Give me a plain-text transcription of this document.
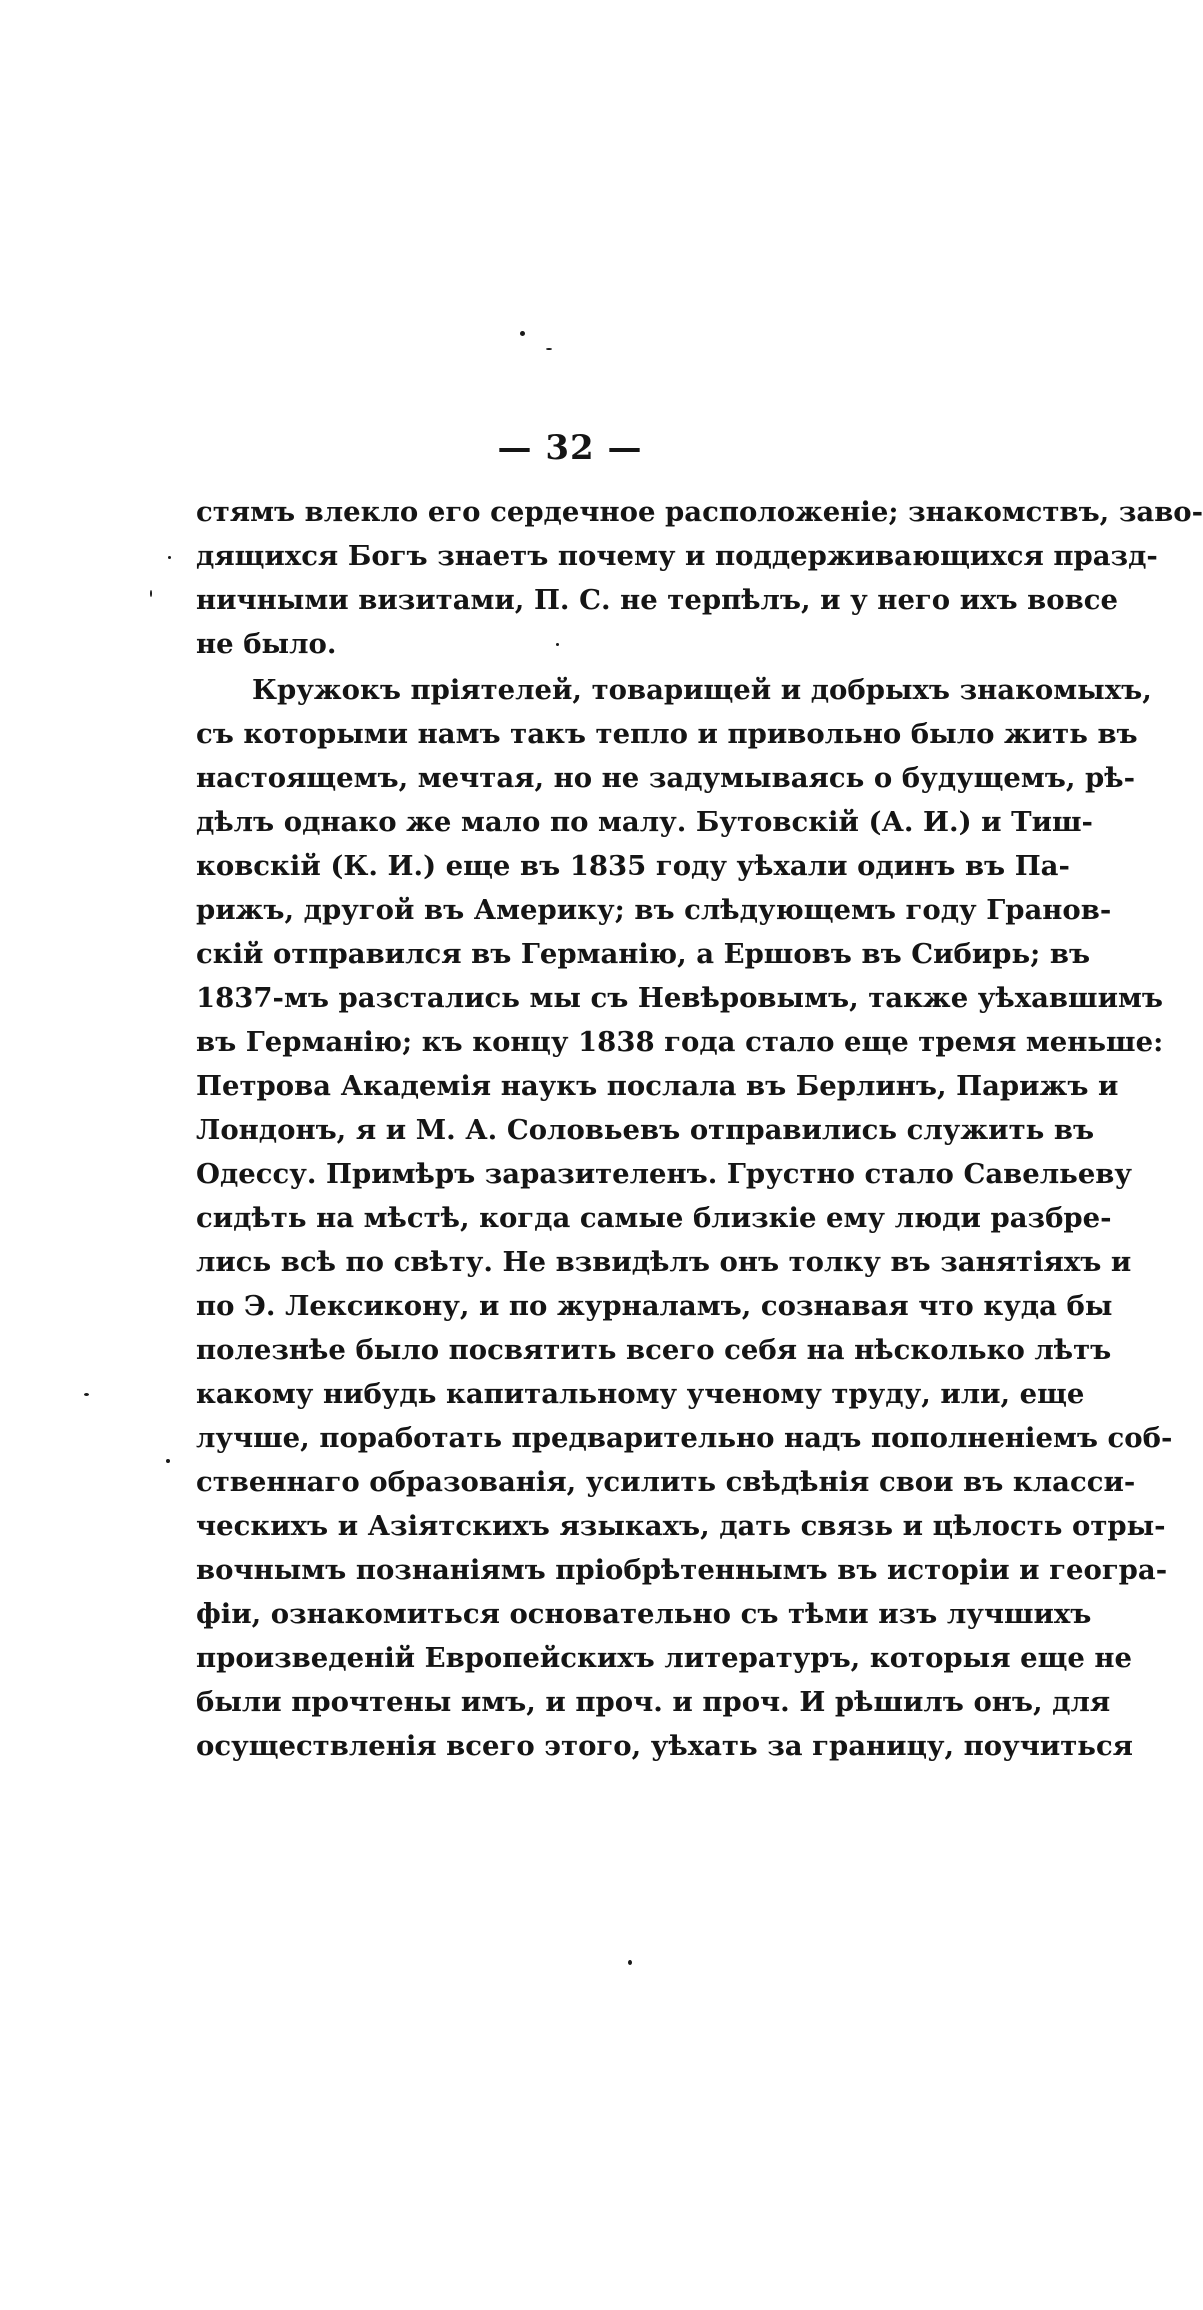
— 32 —
стямъ влекло его сердечное расположеніе; знакомствъ, заво-
дящихся Богъ знаетъ почему и поддерживающихся празд-
ничными визитами, П. С. не терпѣлъ, и у него ихъ вовсе
не было.
Кружокъ пріятелей, товарищей и добрыхъ знакомыхъ,
съ которыми намъ такъ тепло и привольно было жить въ
настоящемъ, мечтая, но не задумываясь о будущемъ, рѣ-
дѣлъ однако же мало по малу. Бутовскій (А. И.) и Тиш-
ковскій (К. И.) еще въ 1835 году уѣхали одинъ въ Па-
рижъ, другой въ Америку; въ слѣдующемъ году Гранов-
скій отправился въ Германію, а Ершовъ въ Сибирь; въ
1837-мъ разстались мы съ Невѣровымъ, также уѣхавшимъ
въ Германію; къ концу 1838 года стало еще тремя меньше:
Петрова Академія наукъ послала въ Берлинъ, Парижъ и
Лондонъ, я и М. А. Соловьевъ отправились служить въ
Одессу. Примѣръ заразителенъ. Грустно стало Савельеву
сидѣть на мѣстѣ, когда самые близкіе ему люди разбре-
лись всѣ по свѣту. Не взвидѣлъ онъ толку въ занятіяхъ и
по Э. Лексикону, и по журналамъ, сознавая что куда бы
полезнѣе было посвятить всего себя на нѣсколько лѣтъ
какому нибудь капитальному ученому труду, или, еще
лучше, поработать предварительно надъ пополненіемъ соб-
ственнаго образованія, усилить свѣдѣнія свои въ класси-
ческихъ и Азіятскихъ языкахъ, дать связь и цѣлость отры-
вочнымъ познаніямъ пріобрѣтеннымъ въ исторіи и геогра-
фіи, ознакомиться основательно съ тѣми изъ лучшихъ
произведеній Европейскихъ литературъ, которыя еще не
были прочтены имъ, и проч. и проч. И рѣшилъ онъ, для
осуществленія всего этого, уѣхать за границу, поучиться
